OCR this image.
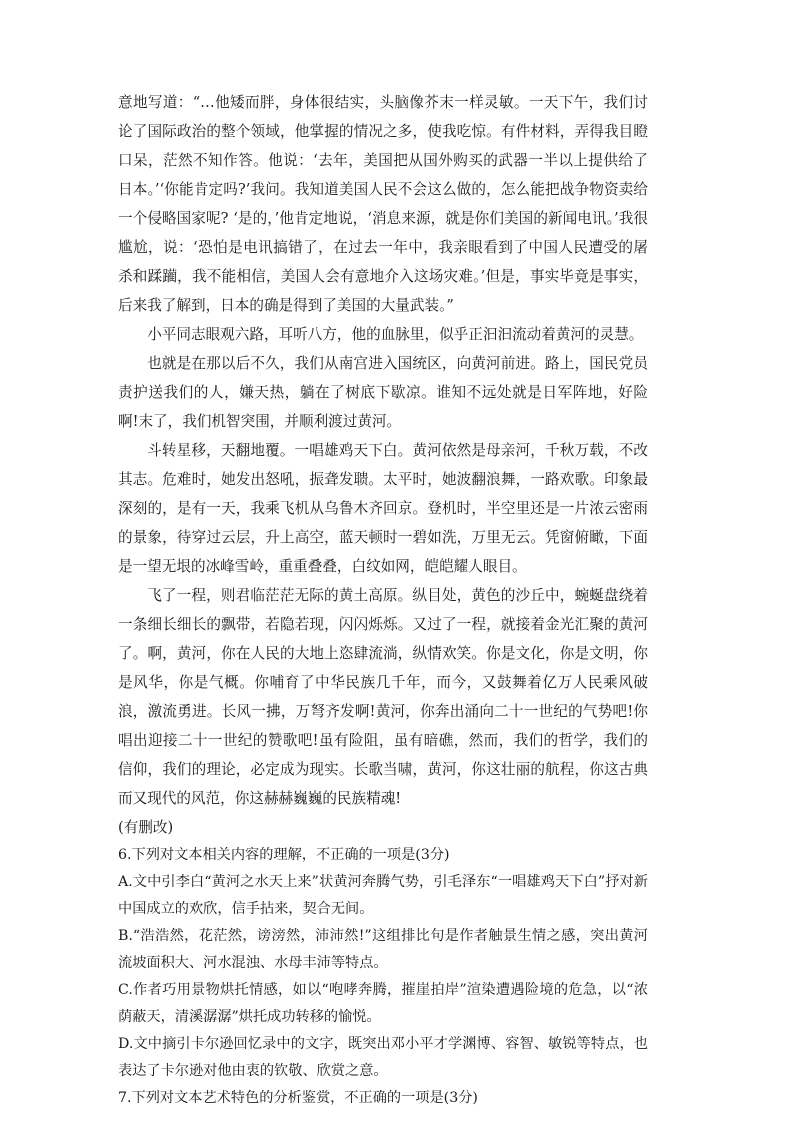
意地写道：“…他矮而胖，身体很结实，头脑像芥末一样灵敏。一天下午，我们讨论了国际政治的整个领域，他掌握的情况之多，使我吃惊。有件材料，弄得我目瞪口呆，茫然不知作答。他说：‘去年，美国把从国外购买的武器一半以上提供给了日本。’‘你能肯定吗?’我问。我知道美国人民不会这么做的，怎么能把战争物资卖给一个侵略国家呢? ‘是的，’他肯定地说，‘消息来源，就是你们美国的新闻电讯。’我很尴尬，说：‘恐怕是电讯搞错了，在过去一年中，我亲眼看到了中国人民遭受的屠杀和蹂躏，我不能相信，美国人会有意地介入这场灾难。’但是，事实毕竟是事实，后来我了解到，日本的确是得到了美国的大量武装。”

小平同志眼观六路，耳听八方，他的血脉里，似乎正汩汩流动着黄河的灵慧。

也就是在那以后不久，我们从南宫进入国统区，向黄河前进。路上，国民党员责护送我们的人，嫌天热，躺在了树底下歇凉。谁知不远处就是日军阵地，好险啊!末了，我们机智突围，并顺利渡过黄河。

斗转星移，天翻地覆。一唱雄鸡天下白。黄河依然是母亲河，千秋万载，不改其志。危难时，她发出怒吼，振聋发聩。太平时，她波翻浪舞，一路欢歌。印象最深刻的，是有一天，我乘飞机从乌鲁木齐回京。登机时，半空里还是一片浓云密雨的景象，待穿过云层，升上高空，蓝天顿时一碧如洗，万里无云。凭窗俯瞰，下面是一望无垠的冰峰雪岭，重重叠叠，白纹如网，皑皑耀人眼目。

飞了一程，则君临茫茫无际的黄土高原。纵目处，黄色的沙丘中，蜿蜒盘绕着一条细长细长的飘带，若隐若现，闪闪烁烁。又过了一程，就接着金光汇聚的黄河了。啊，黄河，你在人民的大地上恣肆流淌，纵情欢笑。你是文化，你是文明，你是风华，你是气概。你哺育了中华民族几千年，而今，又鼓舞着亿万人民乘风破浪，激流勇进。长风一拂，万弩齐发啊!黄河，你奔出涌向二十一世纪的气势吧!你唱出迎接二十一世纪的赞歌吧!虽有险阻，虽有暗礁，然而，我们的哲学，我们的信仰，我们的理论，必定成为现实。长歌当啸，黄河，你这壮丽的航程，你这古典而又现代的风范，你这赫赫巍巍的民族精魂!

(有删改)

6.下列对文本相关内容的理解，不正确的一项是(3分)

A.文中引李白“黄河之水天上来”状黄河奔腾气势，引毛泽东“一唱雄鸡天下白”抒对新中国成立的欢欣，信手拈来，契合无间。

B.“浩浩然，花茫然，谤滂然，沛沛然!”这组排比句是作者触景生情之感，突出黄河流坡面积大、河水混浊、水母丰沛等特点。

C.作者巧用景物烘托情感，如以“咆哮奔腾，摧崖拍岸”渲染遭遇险境的危急，以“浓荫蔽天，清溪潺潺”烘托成功转移的愉悦。

D.文中摘引卡尔逊回忆录中的文字，既突出邓小平才学渊博、容智、敏锐等特点，也表达了卡尔逊对他由衷的钦敬、欣赏之意。

7.下列对文本艺术特色的分析鉴赏，不正确的一项是(3分)
